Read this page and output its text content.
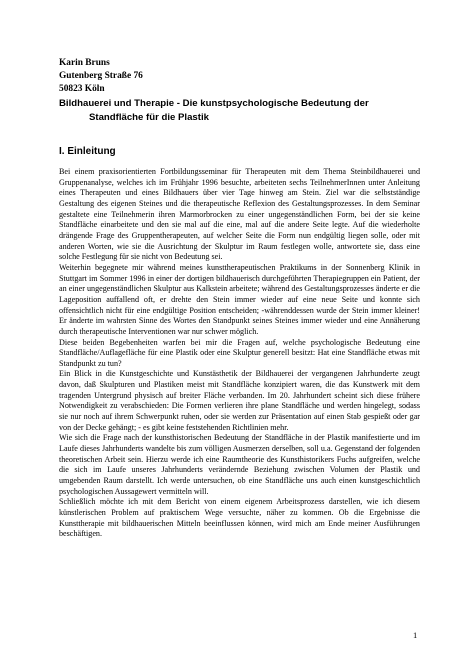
Karin Bruns
Gutenberg Straße 76
50823 Köln
Bildhauerei und Therapie - Die kunstpsychologische Bedeutung der
Standfläche für die Plastik
I. Einleitung

Bei einem praxisorientierten Fortbildungsseminar für Therapeuten mit dem Thema Steinbildhauerei und Gruppenanalyse, welches ich im Frühjahr 1996 besuchte, arbeiteten sechs TeilnehmerInnen unter Anleitung eines Therapeuten und eines Bildhauers über vier Tage hinweg am Stein. Ziel war die selbstständige Gestaltung des eigenen Steines und die therapeutische Reflexion des Gestaltungsprozesses. In dem Seminar gestaltete eine Teilnehmerin ihren Marmorbrocken zu einer ungegenständlichen Form, bei der sie keine Standfläche einarbeitete und den sie mal auf die eine, mal auf die andere Seite legte. Auf die wiederholte drängende Frage des Gruppentherapeuten, auf welcher Seite die Form nun endgültig liegen solle, oder mit anderen Worten, wie sie die Ausrichtung der Skulptur im Raum festlegen wolle, antwortete sie, dass eine solche Festlegung für sie nicht von Bedeutung sei.

Weiterhin begegnete mir während meines kunsttherapeutischen Praktikums in der Sonnenberg Klinik in Stuttgart im Sommer 1996 in einer der dortigen bildhauerisch durchgeführten Therapiegruppen ein Patient, der an einer ungegenständlichen Skulptur aus Kalkstein arbeitete; während des Gestaltungsprozesses änderte er die Lageposition auffallend oft, er drehte den Stein immer wieder auf eine neue Seite und konnte sich offensichtlich nicht für eine endgültige Position entscheiden; -währenddessen wurde der Stein immer kleiner! Er änderte im wahrsten Sinne des Wortes den Standpunkt seines Steines immer wieder und eine Annäherung durch therapeutische Interventionen war nur schwer möglich.

Diese beiden Begebenheiten warfen bei mir die Fragen auf, welche psychologische Bedeutung eine Standfläche/Auflagefläche für eine Plastik oder eine Skulptur generell besitzt: Hat eine Standfläche etwas mit Standpunkt zu tun?

Ein Blick in die Kunstgeschichte und Kunstästhetik der Bildhauerei der vergangenen Jahrhunderte zeugt davon, daß Skulpturen und Plastiken meist mit Standfläche konzipiert waren, die das Kunstwerk mit dem tragenden Untergrund physisch auf breiter Fläche verbanden. Im 20. Jahrhundert scheint sich diese frühere Notwendigkeit zu verabschieden: Die Formen verlieren ihre plane Standfläche und werden hingelegt, sodass sie nur noch auf ihrem Schwerpunkt ruhen, oder sie werden zur Präsentation auf einen Stab gespießt oder gar von der Decke gehängt; - es gibt keine feststehenden Richtlinien mehr.

Wie sich die Frage nach der kunsthistorischen Bedeutung der Standfläche in der Plastik manifestierte und im Laufe dieses Jahrhunderts wandelte bis zum völligen Ausmerzen derselben, soll u.a. Gegenstand der folgenden theoretischen Arbeit sein. Hierzu werde ich eine Raumtheorie des Kunsthistorikers Fuchs aufgreifen, welche die sich im Laufe unseres Jahrhunderts verändernde Beziehung zwischen Volumen der Plastik und umgebenden Raum darstellt. Ich werde untersuchen, ob eine Standfläche uns auch einen kunstgeschichtlich psychologischen Aussagewert vermitteln will.

Schließlich möchte ich mit dem Bericht von einem eigenem Arbeitsprozess darstellen, wie ich diesem künstlerischen Problem auf praktischem Wege versuchte, näher zu kommen. Ob die Ergebnisse die Kunsttherapie mit bildhauerischen Mitteln beeinflussen können, wird mich am Ende meiner Ausführungen beschäftigen.

1
